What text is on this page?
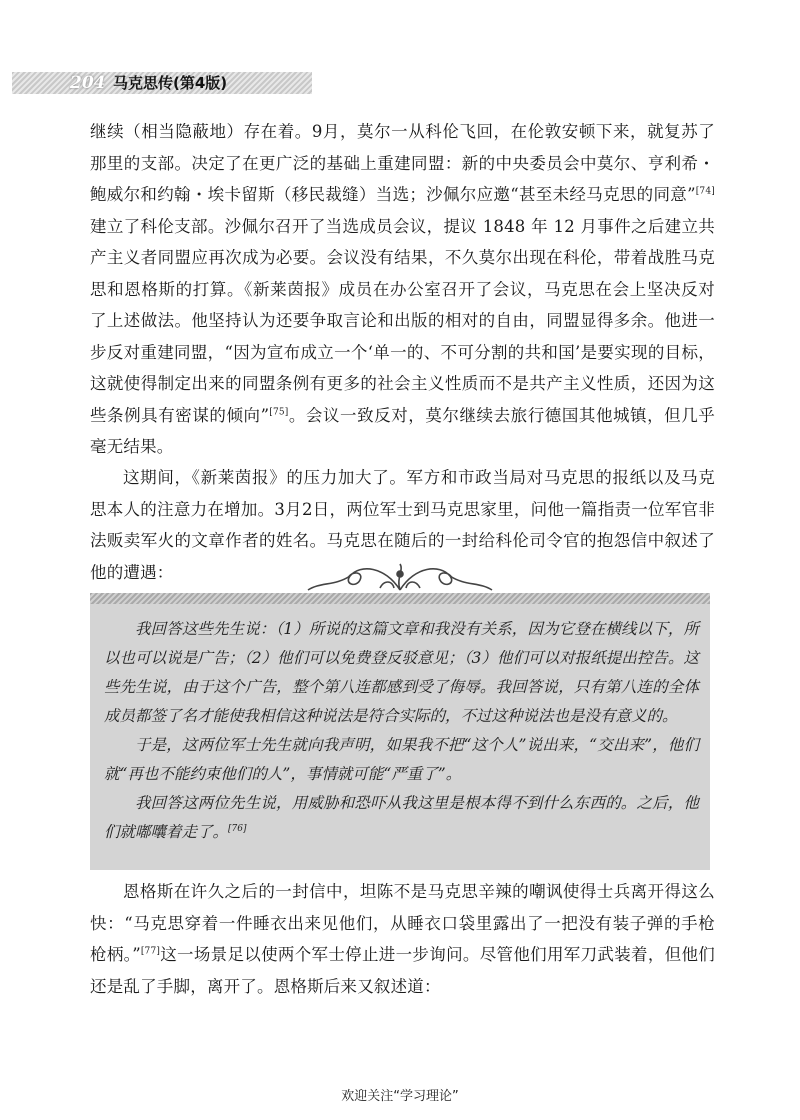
204 马克思传(第4版)
继续（相当隐蔽地）存在着。9月，莫尔一从科伦飞回，在伦敦安顿下来，就复苏了那里的支部。决定了在更广泛的基础上重建同盟：新的中央委员会中莫尔、亨利希・鲍威尔和约翰・埃卡留斯（移民裁缝）当选；沙佩尔应邀“甚至未经马克思的同意”[74]建立了科伦支部。沙佩尔召开了当选成员会议，提议 1848 年 12 月事件之后建立共产主义者同盟应再次成为必要。会议没有结果，不久莫尔出现在科伦，带着战胜马克思和恩格斯的打算。《新莱茵报》成员在办公室召开了会议，马克思在会上坚决反对了上述做法。他坚持认为还要争取言论和出版的相对的自由，同盟显得多余。他进一步反对重建同盟，“因为宣布成立一个‘单一的、不可分割的共和国’是要实现的目标，这就使得制定出来的同盟条例有更多的社会主义性质而不是共产主义性质，还因为这些条例具有密谋的倾向”[75]。会议一致反对，莫尔继续去旅行德国其他城镇，但几乎毫无结果。
这期间，《新莱茵报》的压力加大了。军方和市政当局对马克思的报纸以及马克思本人的注意力在增加。3月2日，两位军士到马克思家里，问他一篇指责一位军官非法贩卖军火的文章作者的姓名。马克思在随后的一封给科伦司令官的抱怨信中叙述了他的遭遇：

我回答这些先生说：（1）所说的这篇文章和我没有关系，因为它登在横线以下，所以也可以说是广告；（2）他们可以免费登反驳意见；（3）他们可以对报纸提出控告。这些先生说，由于这个广告，整个第八连都感到受了侮辱。我回答说，只有第八连的全体成员都签了名才能使我相信这种说法是符合实际的，不过这种说法也是没有意义的。

于是，这两位军士先生就向我声明，如果我不把“这个人”说出来，“交出来”，他们就“再也不能约束他们的人”，事情就可能“严重了”。

我回答这两位先生说，用威胁和恐吓从我这里是根本得不到什么东西的。之后，他们就嘟囔着走了。[76]

恩格斯在许久之后的一封信中，坦陈不是马克思辛辣的嘲讽使得士兵离开得这么快：“马克思穿着一件睡衣出来见他们，从睡衣口袋里露出了一把没有装子弹的手枪枪柄。”[77]这一场景足以使两个军士停止进一步询问。尽管他们用军刀武装着，但他们还是乱了手脚，离开了。恩格斯后来又叙述道：
欢迎关注“学习理论”
